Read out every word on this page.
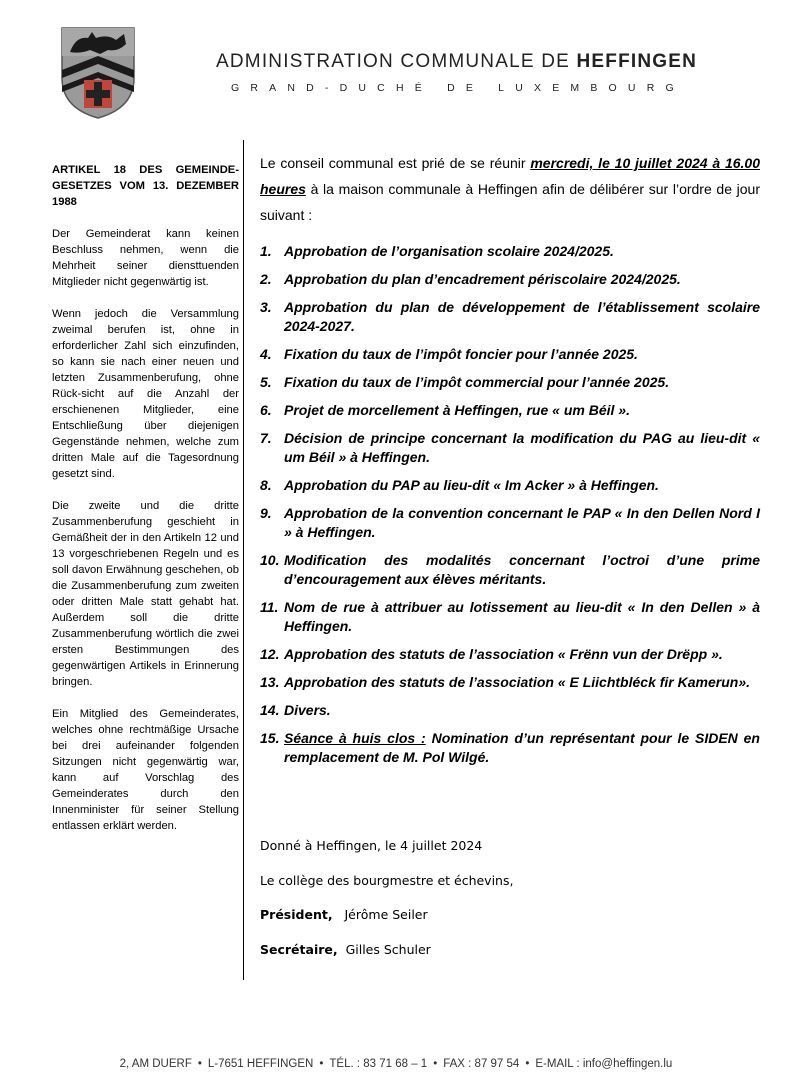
ADMINISTRATION COMMUNALE DE HEFFINGEN
GRAND-DUCHÉ DE LUXEMBOURG
ARTIKEL 18 DES GEMEINDE-GESETZES VOM 13. DEZEMBER 1988

Der Gemeinderat kann keinen Beschluss nehmen, wenn die Mehrheit seiner diensttuenden Mitglieder nicht gegenwärtig ist.

Wenn jedoch die Versammlung zweimal berufen ist, ohne in erforderlicher Zahl sich einzufinden, so kann sie nach einer neuen und letzten Zusammenberufung, ohne Rück-sicht auf die Anzahl der erschienenen Mitglieder, eine Entschließung über diejenigen Gegenstände nehmen, welche zum dritten Male auf die Tagesordnung gesetzt sind.

Die zweite und die dritte Zusammenberufung geschieht in Gemäßheit der in den Artikeln 12 und 13 vorgeschriebenen Regeln und es soll davon Erwähnung geschehen, ob die Zusammenberufung zum zweiten oder dritten Male statt gehabt hat. Außerdem soll die dritte Zusammenberufung wörtlich die zwei ersten Bestimmungen des gegenwärtigen Artikels in Erinnerung bringen.

Ein Mitglied des Gemeinderates, welches ohne rechtmäßige Ursache bei drei aufeinander folgenden Sitzungen nicht gegenwärtig war, kann auf Vorschlag des Gemeinderates durch den Innenminister für seiner Stellung entlassen erklärt werden.

Le conseil communal est prié de se réunir mercredi, le 10 juillet 2024 à 16.00 heures à la maison communale à Heffingen afin de délibérer sur l’ordre de jour suivant :

1. Approbation de l’organisation scolaire 2024/2025.
2. Approbation du plan d’encadrement périscolaire 2024/2025.
3. Approbation du plan de développement de l’établissement scolaire 2024-2027.
4. Fixation du taux de l’impôt foncier pour l’année 2025.
5. Fixation du taux de l’impôt commercial pour l’année 2025.
6. Projet de morcellement à Heffingen, rue « um Béil ».
7. Décision de principe concernant la modification du PAG au lieu-dit « um Béil » à Heffingen.
8. Approbation du PAP au lieu-dit « Im Acker » à Heffingen.
9. Approbation de la convention concernant le PAP « In den Dellen Nord I » à Heffingen.
10. Modification des modalités concernant l’octroi d’une prime d’encouragement aux élèves méritants.
11. Nom de rue à attribuer au lotissement au lieu-dit « In den Dellen » à Heffingen.
12. Approbation des statuts de l’association « Frënn vun der Drëpp ».
13. Approbation des statuts de l’association « E Liichtbléck fir Kamerun».
14. Divers.
15. Séance à huis clos : Nomination d’un représentant pour le SIDEN en remplacement de M. Pol Wilgé.
Donné à Heffingen, le 4 juillet 2024
Le collège des bourgmestre et échevins,
Président, Jérôme Seiler
Secrétaire, Gilles Schuler
2, AM DUERF • L-7651 HEFFINGEN • TÉL. : 83 71 68 – 1 • FAX : 87 97 54 • E-MAIL : info@heffingen.lu
